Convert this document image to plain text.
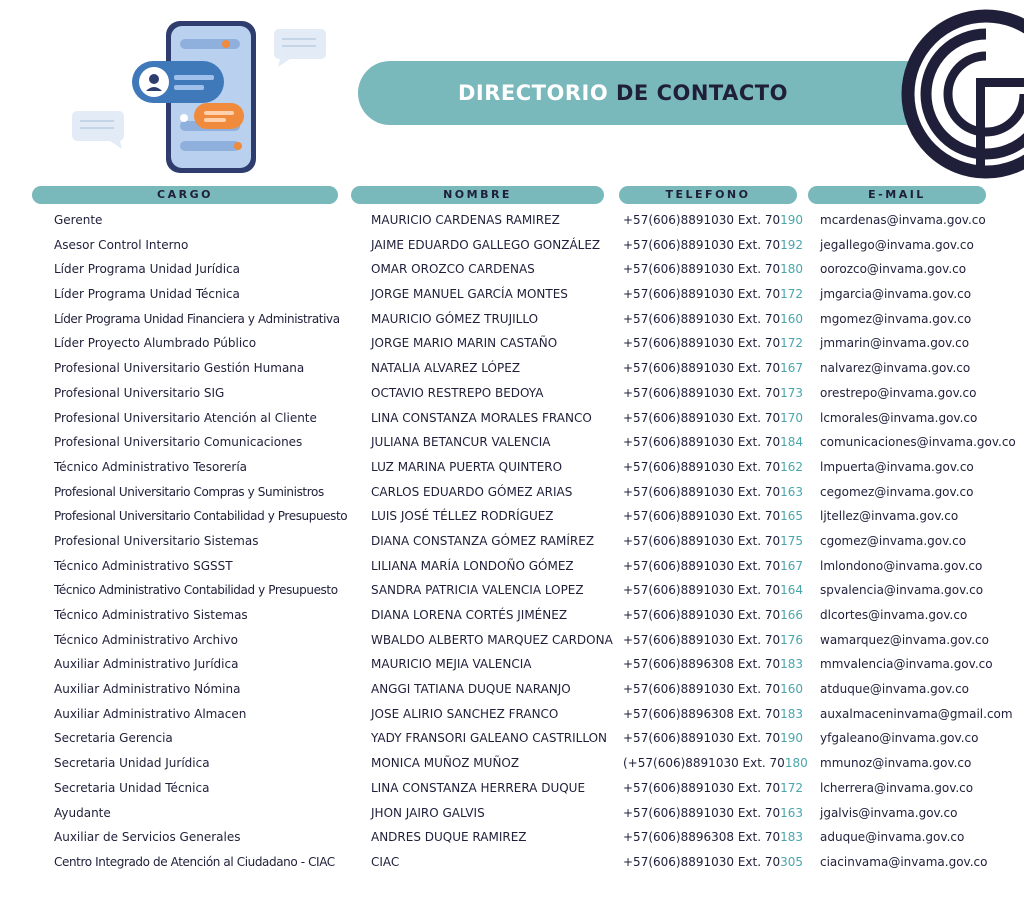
DIRECTORIO DE CONTACTO
CARGO	NOMBRE	TELEFONO	E-MAIL
Gerente	MAURICIO CARDENAS RAMIREZ	+57(606)8891030 Ext. 70190 mcardenas@invama.gov.co
Asesor Control Interno	JAIME EDUARDO GALLEGO GONZÁLEZ +57(606)8891030 Ext. 70192 jegallego@invama.gov.co
Líder Programa Unidad Jurídica	OMAR OROZCO CARDENAS	+57(606)8891030 Ext. 70180 oorozco@invama.gov.co
Líder Programa Unidad Técnica	JORGE MANUEL GARCÍA MONTES	+57(606)8891030 Ext. 70172 jmgarcia@invama.gov.co
Líder Programa Unidad Financiera y Administrativa	MAURICIO GÓMEZ TRUJILLO	+57(606)8891030 Ext. 70160 mgomez@invama.gov.co
Líder Proyecto Alumbrado Público	JORGE MARIO MARIN CASTAÑO	+57(606)8891030 Ext. 70172 jmmarin@invama.gov.co
Profesional Universitario Gestión Humana	NATALIA ALVAREZ LÓPEZ	+57(606)8891030 Ext. 70167 nalvarez@invama.gov.co
Profesional Universitario SIG	OCTAVIO RESTREPO BEDOYA	+57(606)8891030 Ext. 70173 orestrepo@invama.gov.co
Profesional Universitario Atención al Cliente	LINA CONSTANZA MORALES FRANCO	+57(606)8891030 Ext. 70170 lcmorales@invama.gov.co
Profesional Universitario Comunicaciones	JULIANA BETANCUR VALENCIA	+57(606)8891030 Ext. 70184 comunicaciones@invama.gov.co
Técnico Administrativo Tesorería	LUZ MARINA PUERTA QUINTERO	+57(606)8891030 Ext. 70162 lmpuerta@invama.gov.co
Profesional Universitario Compras y Suministros	CARLOS EDUARDO GÓMEZ ARIAS	+57(606)8891030 Ext. 70163 cegomez@invama.gov.co
Profesional Universitario Contabilidad y Presupuesto LUIS JOSÉ TÉLLEZ RODRÍGUEZ	+57(606)8891030 Ext. 70165 ljtellez@invama.gov.co
Profesional Universitario Sistemas	DIANA CONSTANZA GÓMEZ RAMÍREZ +57(606)8891030 Ext. 70175 cgomez@invama.gov.co
Técnico Administrativo SGSST	LILIANA MARÍA LONDOÑO GÓMEZ	+57(606)8891030 Ext. 70167 lmlondono@invama.gov.co
Técnico Administrativo Contabilidad y Presupuesto	SANDRA PATRICIA VALENCIA LOPEZ	+57(606)8891030 Ext. 70164 spvalencia@invama.gov.co
Técnico Administrativo Sistemas	DIANA LORENA CORTÉS JIMÉNEZ	+57(606)8891030 Ext. 70166 dlcortes@invama.gov.co
Técnico Administrativo Archivo	WBALDO ALBERTO MARQUEZ CARDONA +57(606)8891030 Ext. 70176 wamarquez@invama.gov.co
Auxiliar Administrativo Jurídica	MAURICIO MEJIA VALENCIA	+57(606)8896308 Ext. 70183 mmvalencia@invama.gov.co
Auxiliar Administrativo Nómina	ANGGI TATIANA DUQUE NARANJO	+57(606)8891030 Ext. 70160 atduque@invama.gov.co
Auxiliar Administrativo Almacen	JOSE ALIRIO SANCHEZ FRANCO	+57(606)8896308 Ext. 70183 auxalmaceninvama@gmail.com
Secretaria Gerencia	YADY FRANSORI GALEANO CASTRILLON +57(606)8891030 Ext. 70190 yfgaleano@invama.gov.co
Secretaria Unidad Jurídica	MONICA MUÑOZ MUÑOZ	(+57(606)8891030 Ext. 70180 mmunoz@invama.gov.co
Secretaria Unidad Técnica	LINA CONSTANZA HERRERA DUQUE	+57(606)8891030 Ext. 70172 lcherrera@invama.gov.co
Ayudante	JHON JAIRO GALVIS	+57(606)8891030 Ext. 70163 jgalvis@invama.gov.co
Auxiliar de Servicios Generales	ANDRES DUQUE RAMIREZ	+57(606)8896308 Ext. 70183 aduque@invama.gov.co
Centro Integrado de Atención al Ciudadano - CIAC	CIAC	+57(606)8891030 Ext. 70305 ciacinvama@invama.gov.co
